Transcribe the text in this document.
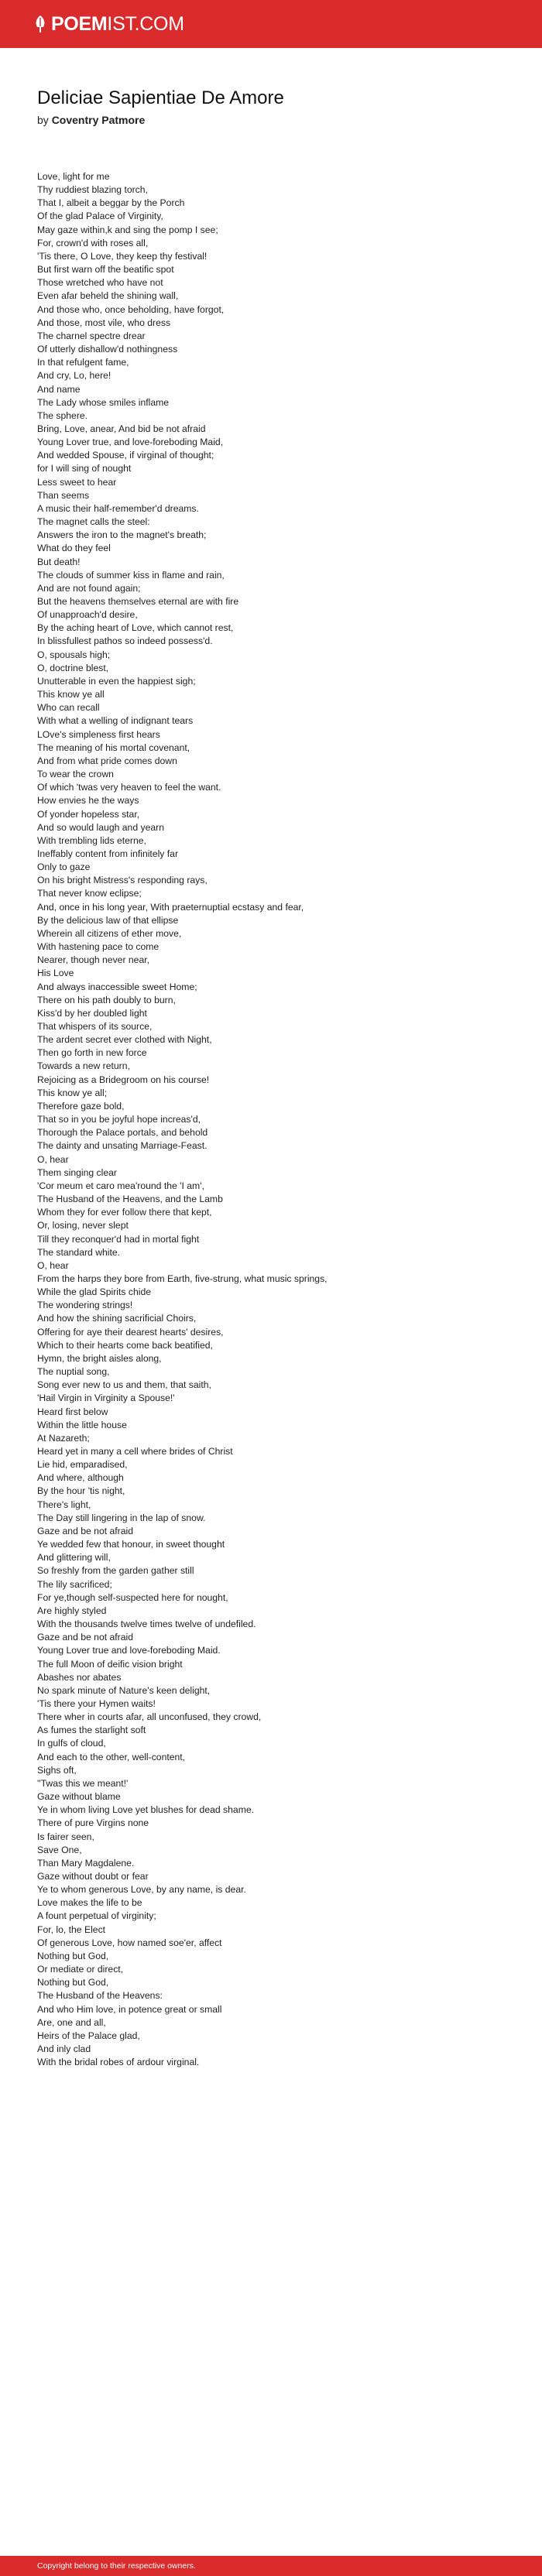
POEMIST.COM
Deliciae Sapientiae De Amore
by Coventry Patmore
Love, light for me
Thy ruddiest blazing torch,
That I, albeit a beggar by the Porch
Of the glad Palace of Virginity,
May gaze within,k and sing the pomp I see;
For, crown'd with roses all,
'Tis there, O Love, they keep thy festival!
But first warn off the beatific spot
Those wretched who have not
Even afar beheld the shining wall,
And those who, once beholding, have forgot,
And those, most vile, who dress
The charnel spectre drear
Of utterly dishallow'd nothingness
In that refulgent fame,
And cry, Lo, here!
And name
The Lady whose smiles inflame
The sphere.
Bring, Love, anear, And bid be not afraid
Young Lover true, and love-foreboding Maid,
And wedded Spouse, if virginal of thought;
for I will sing of nought
Less sweet to hear
Than seems
A music their half-remember'd dreams.
The magnet calls the steel:
Answers the iron to the magnet's breath;
What do they feel
But death!
The clouds of summer kiss in flame and rain,
And are not found again;
But the heavens themselves eternal are with fire
Of unapproach'd desire,
By the aching heart of Love, which cannot rest,
In blissfullest pathos so indeed possess'd.
O, spousals high;
O, doctrine blest,
Unutterable in even the happiest sigh;
This know ye all
Who can recall
With what a welling of indignant tears
LOve's simpleness first hears
The meaning of his mortal covenant,
And from what pride comes down
To wear the crown
Of which 'twas very heaven to feel the want.
How envies he the ways
Of yonder hopeless star,
And so would laugh and yearn
With trembling lids eterne,
Ineffably content from infinitely far
Only to gaze
On his bright Mistress's responding rays,
That never know eclipse;
And, once in his long year, With praeternuptial ecstasy and fear,
By the delicious law of that ellipse
Wherein all citizens of ether move,
With hastening pace to come
Nearer, though never near,
His Love
And always inaccessible sweet Home;
There on his path doubly to burn,
Kiss'd by her doubled light
That whispers of its source,
The ardent secret ever clothed with Night,
Then go forth in new force
Towards a new return,
Rejoicing as a Bridegroom on his course!
This know ye all;
Therefore gaze bold,
That so in you be joyful hope increas'd,
Thorough the Palace portals, and behold
The dainty and unsating Marriage-Feast.
O, hear
Them singing clear
'Cor meum et caro mea'round the 'I am',
The Husband of the Heavens, and the Lamb
Whom they for ever follow there that kept,
Or, losing, never slept
Till they reconquer'd had in mortal fight
The standard white.
O, hear
From the harps they bore from Earth, five-strung, what music springs,
While the glad Spirits chide
The wondering strings!
And how the shining sacrificial Choirs,
Offering for aye their dearest hearts' desires,
Which to their hearts come back beatified,
Hymn, the bright aisles along,
The nuptial song,
Song ever new to us and them, that saith,
'Hail Virgin in Virginity a Spouse!'
Heard first below
Within the little house
At Nazareth;
Heard yet in many a cell where brides of Christ
Lie hid, emparadised,
And where, although
By the hour 'tis night,
There's light,
The Day still lingering in the lap of snow.
Gaze and be not afraid
Ye wedded few that honour, in sweet thought
And glittering will,
So freshly from the garden gather still
The lily sacrificed;
For ye,though self-suspected here for nought,
Are highly styled
With the thousands twelve times twelve of undefiled.
Gaze and be not afraid
Young Lover true and love-foreboding Maid.
The full Moon of deific vision bright
Abashes nor abates
No spark minute of Nature's keen delight,
'Tis there your Hymen waits!
There wher in courts afar, all unconfused, they crowd,
As fumes the starlight soft
In gulfs of cloud,
And each to the other, well-content,
Sighs oft,
''Twas this we meant!'
Gaze without blame
Ye in whom living Love yet blushes for dead shame.
There of pure Virgins none
Is fairer seen,
Save One,
Than Mary Magdalene.
Gaze without doubt or fear
Ye to whom generous Love, by any name, is dear.
Love makes the life to be
A fount perpetual of virginity;
For, lo, the Elect
Of generous Love, how named soe'er, affect
Nothing but God,
Or mediate or direct,
Nothing but God,
The Husband of the Heavens:
And who Him love, in potence great or small
Are, one and all,
Heirs of the Palace glad,
And inly clad
With the bridal robes of ardour virginal.
Copyright belong to their respective owners.
